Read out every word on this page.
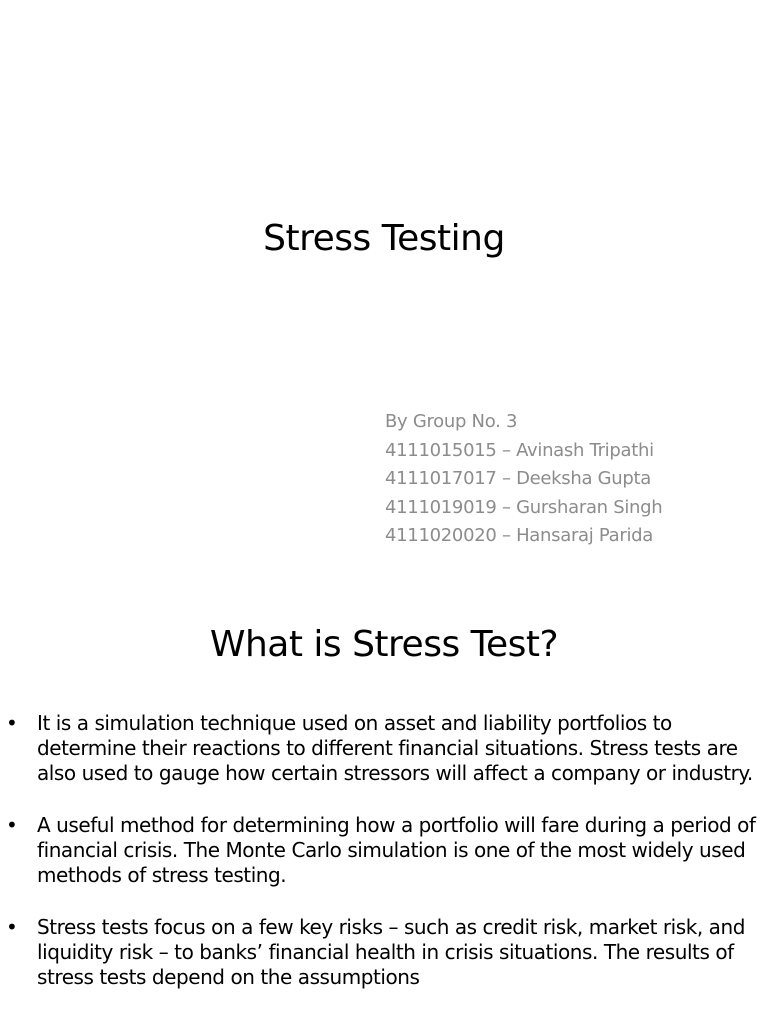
Stress Testing
By Group No. 3
4111015015 – Avinash Tripathi
4111017017 – Deeksha Gupta
4111019019 – Gursharan Singh
4111020020 – Hansaraj Parida
What is Stress Test?
• It is a simulation technique used on asset and liability portfolios to determine their reactions to different financial situations. Stress tests are also used to gauge how certain stressors will affect a company or industry.
• A useful method for determining how a portfolio will fare during a period of financial crisis. The Monte Carlo simulation is one of the most widely used methods of stress testing.
• Stress tests focus on a few key risks – such as credit risk, market risk, and liquidity risk – to banks’ financial health in crisis situations. The results of stress tests depend on the assumptions
